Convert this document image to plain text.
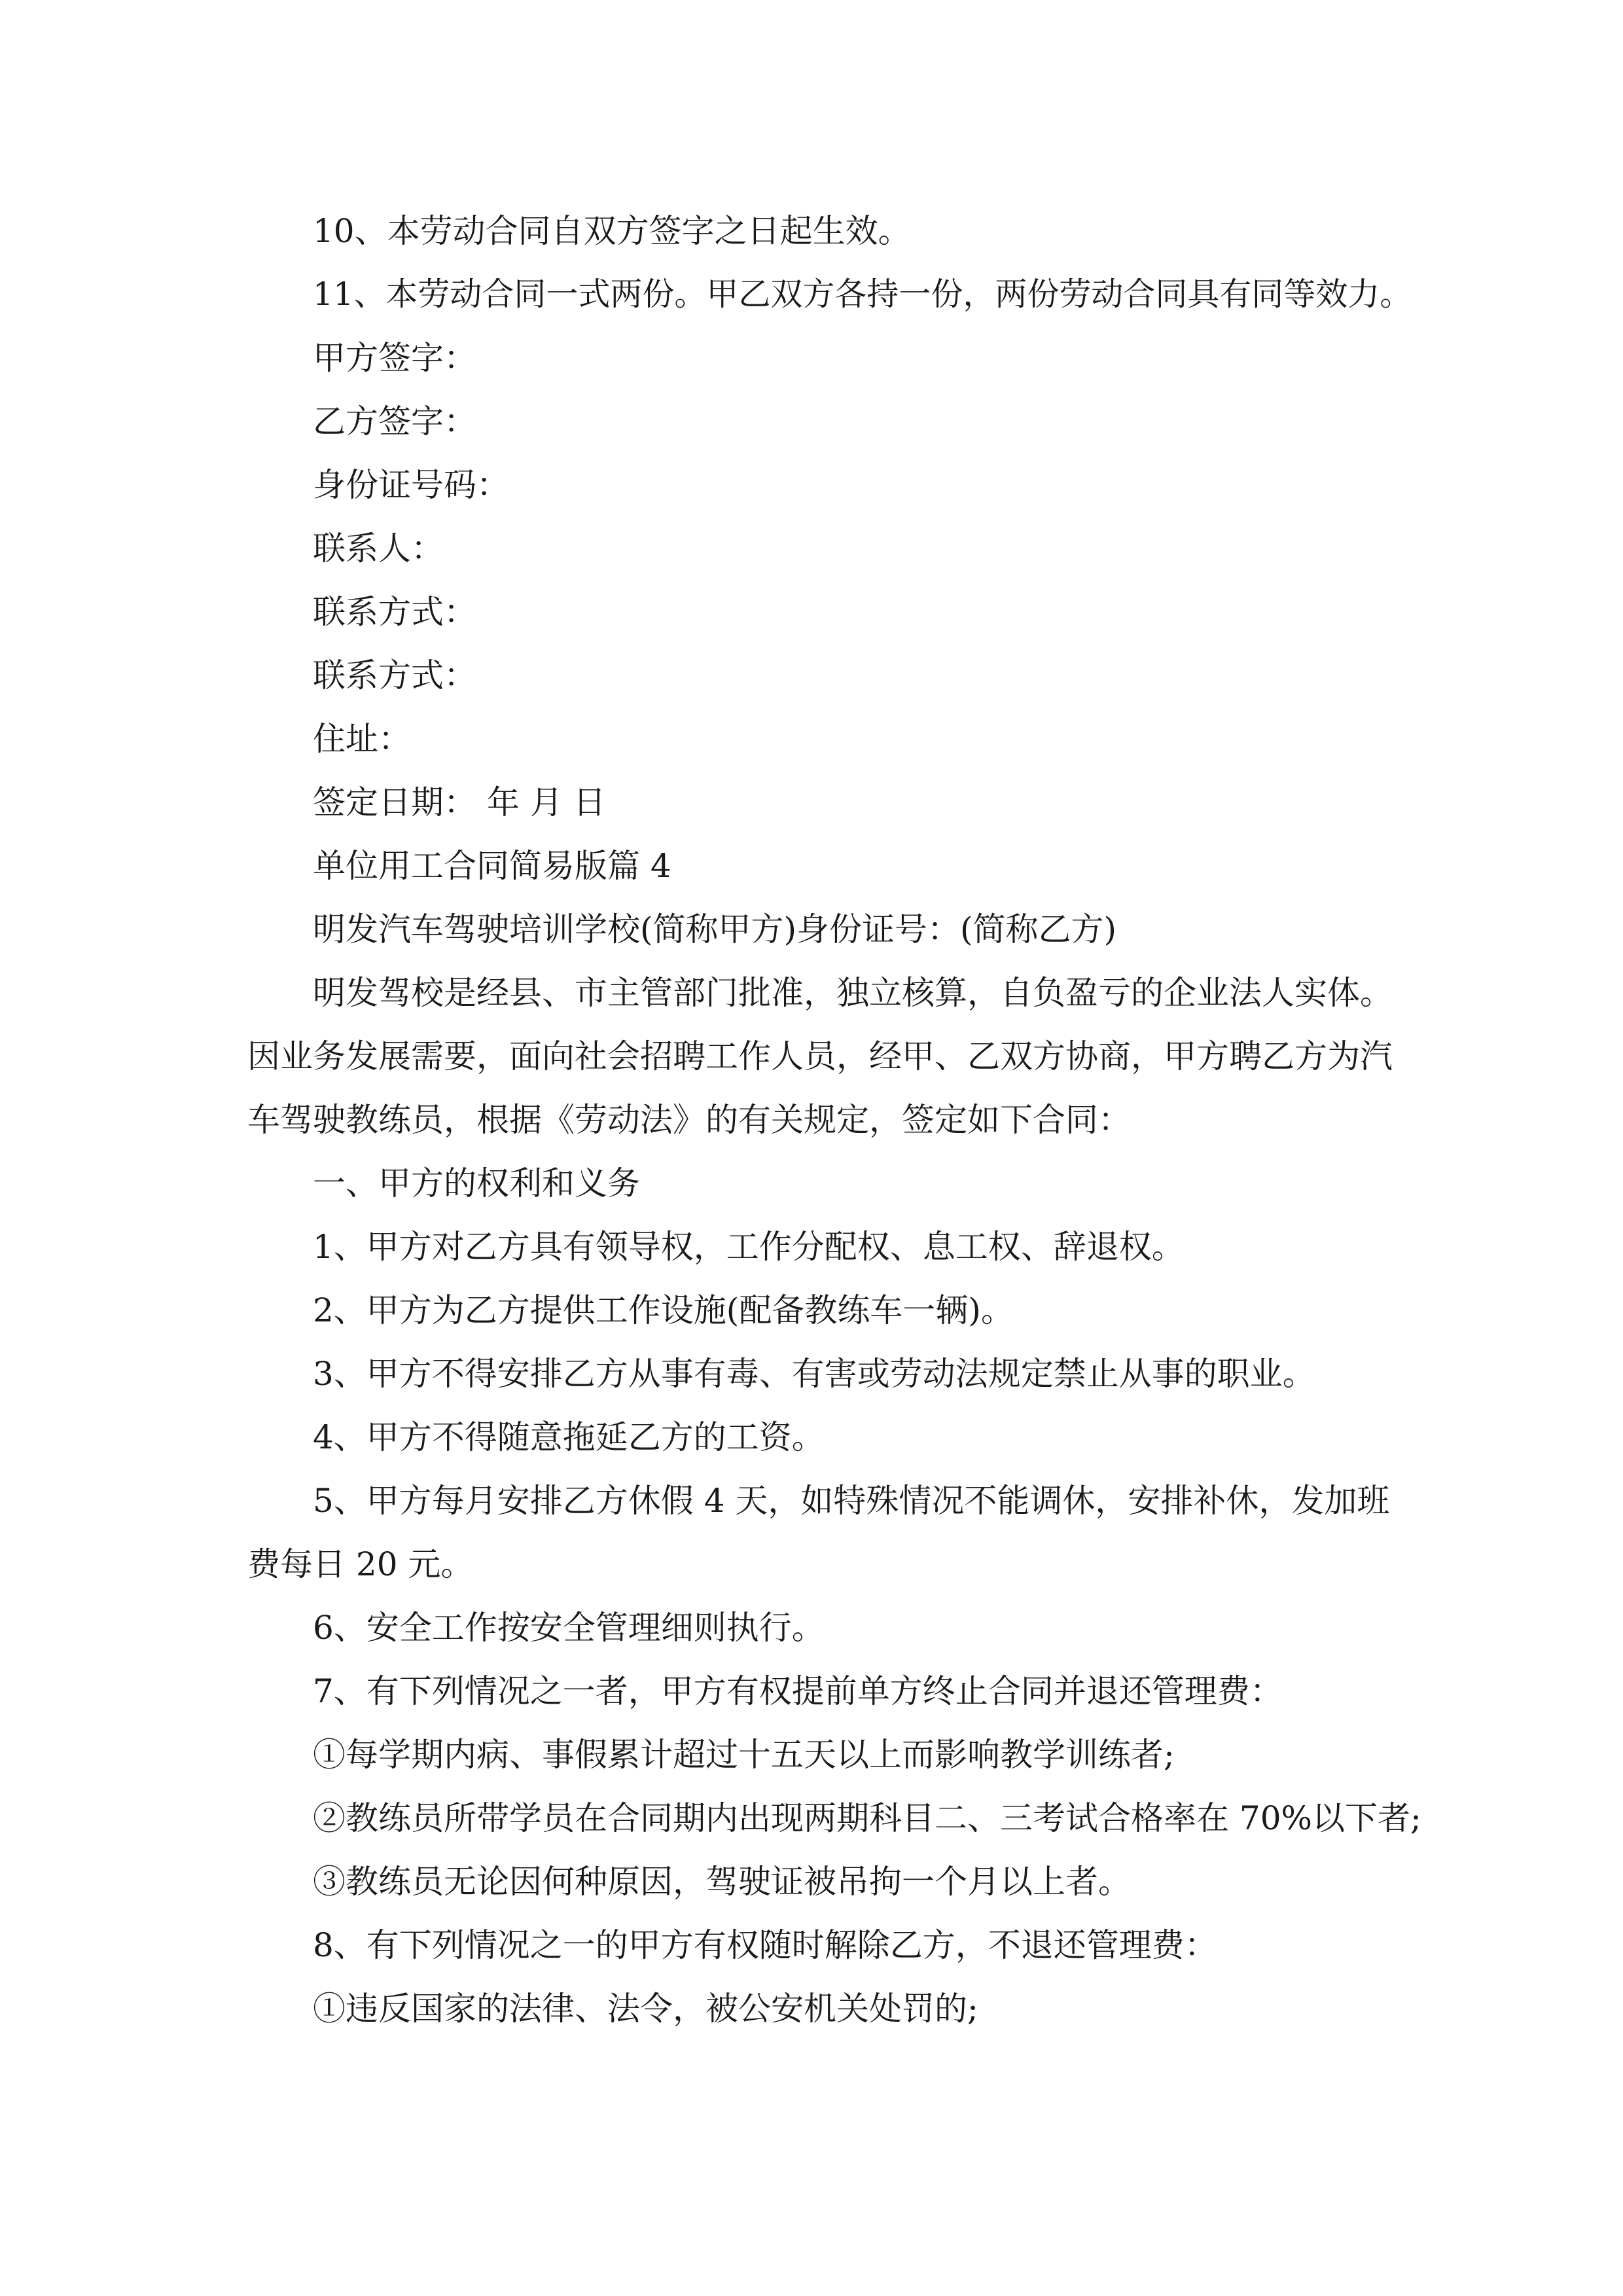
10、本劳动合同自双方签字之日起生效。
11、本劳动合同一式两份。甲乙双方各持一份，两份劳动合同具有同等效力。
甲方签字：
乙方签字：
身份证号码：
联系人：
联系方式：
联系方式：
住址：
签定日期： 年 月 日
单位用工合同简易版篇 4
明发汽车驾驶培训学校(简称甲方)身份证号：(简称乙方)
明发驾校是经县、市主管部门批准，独立核算，自负盈亏的企业法人实体。
因业务发展需要，面向社会招聘工作人员，经甲、乙双方协商，甲方聘乙方为汽
车驾驶教练员，根据《劳动法》的有关规定，签定如下合同：
一、甲方的权利和义务
1、甲方对乙方具有领导权，工作分配权、息工权、辞退权。
2、甲方为乙方提供工作设施(配备教练车一辆)。
3、甲方不得安排乙方从事有毒、有害或劳动法规定禁止从事的职业。
4、甲方不得随意拖延乙方的工资。
5、甲方每月安排乙方休假 4 天，如特殊情况不能调休，安排补休，发加班
费每日 20 元。
6、安全工作按安全管理细则执行。
7、有下列情况之一者，甲方有权提前单方终止合同并退还管理费：
①每学期内病、事假累计超过十五天以上而影响教学训练者;
②教练员所带学员在合同期内出现两期科目二、三考试合格率在 70%以下者;
③教练员无论因何种原因，驾驶证被吊拘一个月以上者。
8、有下列情况之一的甲方有权随时解除乙方，不退还管理费：
①违反国家的法律、法令，被公安机关处罚的;
